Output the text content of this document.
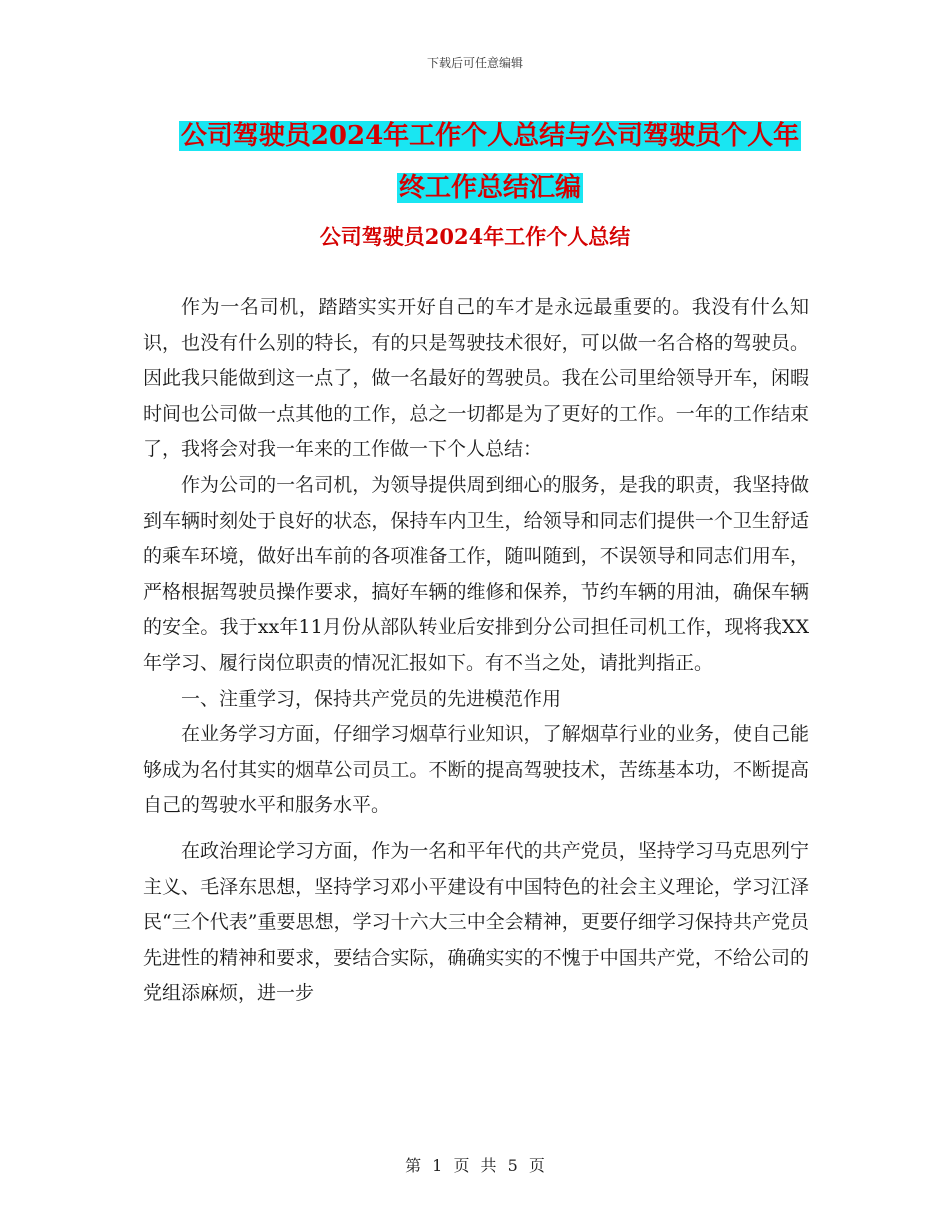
下载后可任意编辑
公司驾驶员2024年工作个人总结与公司驾驶员个人年
终工作总结汇编
公司驾驶员2024年工作个人总结

作为一名司机，踏踏实实开好自己的车才是永远最重要的。我没有什么知识，也没有什么别的特长，有的只是驾驶技术很好，可以做一名合格的驾驶员。因此我只能做到这一点了，做一名最好的驾驶员。我在公司里给领导开车，闲暇时间也公司做一点其他的工作，总之一切都是为了更好的工作。一年的工作结束了，我将会对我一年来的工作做一下个人总结：

作为公司的一名司机，为领导提供周到细心的服务，是我的职责，我坚持做到车辆时刻处于良好的状态，保持车内卫生，给领导和同志们提供一个卫生舒适的乘车环境，做好出车前的各项准备工作，随叫随到，不误领导和同志们用车，严格根据驾驶员操作要求，搞好车辆的维修和保养，节约车辆的用油，确保车辆的安全。我于xx年11月份从部队转业后安排到分公司担任司机工作，现将我XX年学习、履行岗位职责的情况汇报如下。有不当之处，请批判指正。

一、注重学习，保持共产党员的先进模范作用

在业务学习方面，仔细学习烟草行业知识，了解烟草行业的业务，使自己能够成为名付其实的烟草公司员工。不断的提高驾驶技术，苦练基本功，不断提高自己的驾驶水平和服务水平。

在政治理论学习方面，作为一名和平年代的共产党员，坚持学习马克思列宁主义、毛泽东思想，坚持学习邓小平建设有中国特色的社会主义理论，学习江泽民“三个代表”重要思想，学习十六大三中全会精神，更要仔细学习保持共产党员先进性的精神和要求，要结合实际，确确实实的不愧于中国共产党，不给公司的党组添麻烦，进一步

第 1 页 共 5 页
